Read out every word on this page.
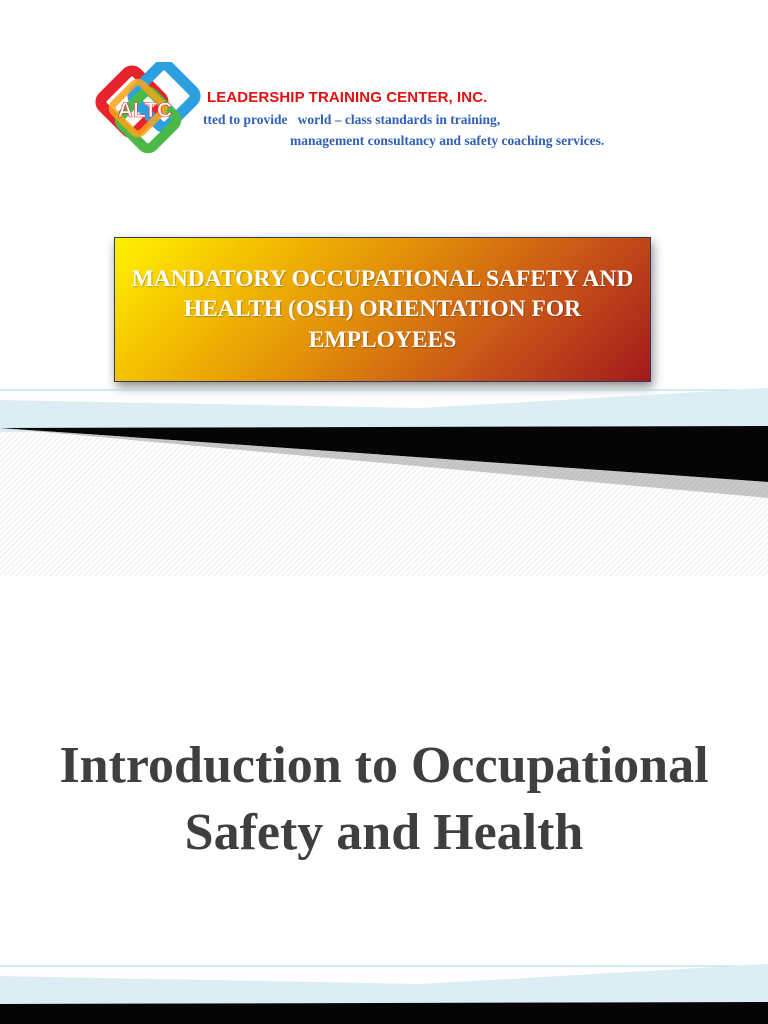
ALTC

LEADERSHIP TRAINING CENTER, INC.

tted to provide   world – class standards in training,

management consultancy and safety coaching services.

MANDATORY OCCUPATIONAL SAFETY AND HEALTH (OSH) ORIENTATION FOR EMPLOYEES

Introduction to Occupational Safety and Health
